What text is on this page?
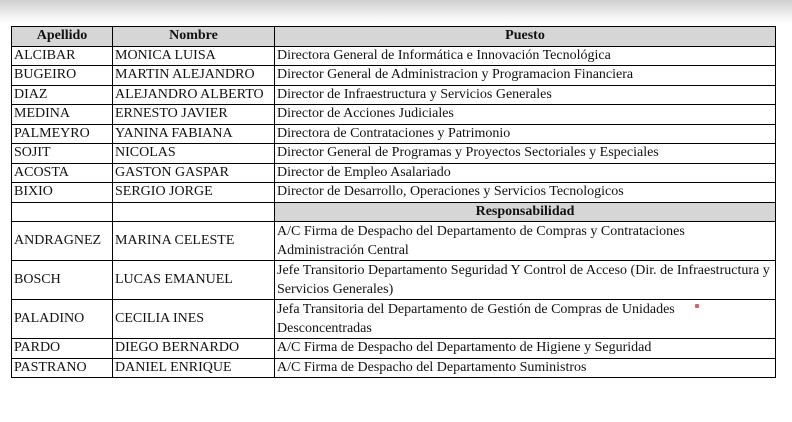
Apellido	Nombre	Puesto
ALCIBAR	MONICA LUISA	Directora General de Informática e Innovación Tecnológica
BUGEIRO	MARTIN ALEJANDRO	Director General de Administracion y Programacion Financiera
DIAZ	ALEJANDRO ALBERTO	Director de Infraestructura y Servicios Generales
MEDINA	ERNESTO JAVIER	Director de Acciones Judiciales
PALMEYRO	YANINA FABIANA	Directora de Contrataciones y Patrimonio
SOJIT	NICOLAS	Director General de Programas y Proyectos Sectoriales y Especiales
ACOSTA	GASTON GASPAR	Director de Empleo Asalariado
BIXIO	SERGIO JORGE	Director de Desarrollo, Operaciones y Servicios Tecnologicos
		Responsabilidad
ANDRAGNEZ	MARINA CELESTE	A/C Firma de Despacho del Departamento de Compras y Contrataciones Administración Central
BOSCH	LUCAS EMANUEL	Jefe Transitorio Departamento Seguridad Y Control de Acceso (Dir. de Infraestructura y Servicios Generales)
PALADINO	CECILIA INES	Jefa Transitoria del Departamento de Gestión de Compras de Unidades Desconcentradas
PARDO	DIEGO BERNARDO	A/C Firma de Despacho del Departamento de Higiene y Seguridad
PASTRANO	DANIEL ENRIQUE	A/C Firma de Despacho del Departamento Suministros
